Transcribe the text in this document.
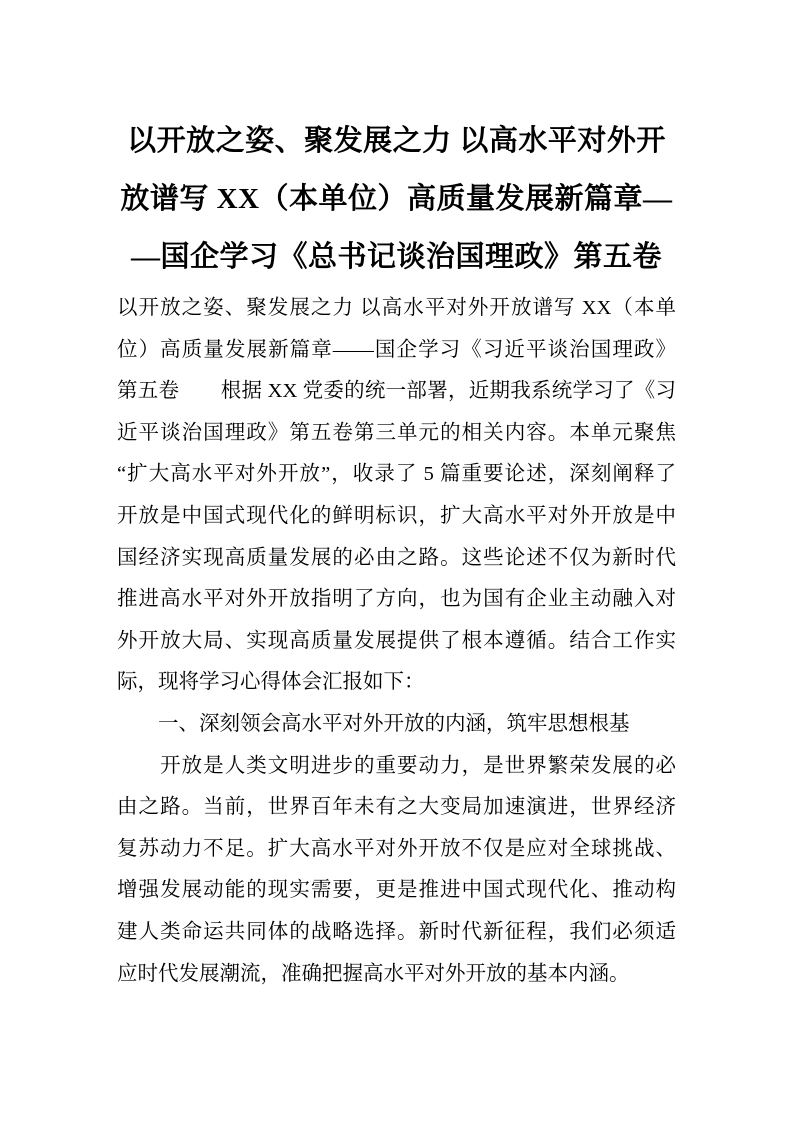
以开放之姿、聚发展之力 以高水平对外开
放谱写 XX（本单位）高质量发展新篇章—
—国企学习《总书记谈治国理政》第五卷
以开放之姿、聚发展之力 以高水平对外开放谱写 XX（本单
位）高质量发展新篇章——国企学习《习近平谈治国理政》
第五卷　　根据 XX 党委的统一部署，近期我系统学习了《习
近平谈治国理政》第五卷第三单元的相关内容。本单元聚焦
“扩大高水平对外开放”，收录了 5 篇重要论述，深刻阐释了
开放是中国式现代化的鲜明标识，扩大高水平对外开放是中
国经济实现高质量发展的必由之路。这些论述不仅为新时代
推进高水平对外开放指明了方向，也为国有企业主动融入对
外开放大局、实现高质量发展提供了根本遵循。结合工作实
际，现将学习心得体会汇报如下：
　　一、深刻领会高水平对外开放的内涵，筑牢思想根基
　　开放是人类文明进步的重要动力，是世界繁荣发展的必
由之路。当前，世界百年未有之大变局加速演进，世界经济
复苏动力不足。扩大高水平对外开放不仅是应对全球挑战、
增强发展动能的现实需要，更是推进中国式现代化、推动构
建人类命运共同体的战略选择。新时代新征程，我们必须适
应时代发展潮流，准确把握高水平对外开放的基本内涵。
